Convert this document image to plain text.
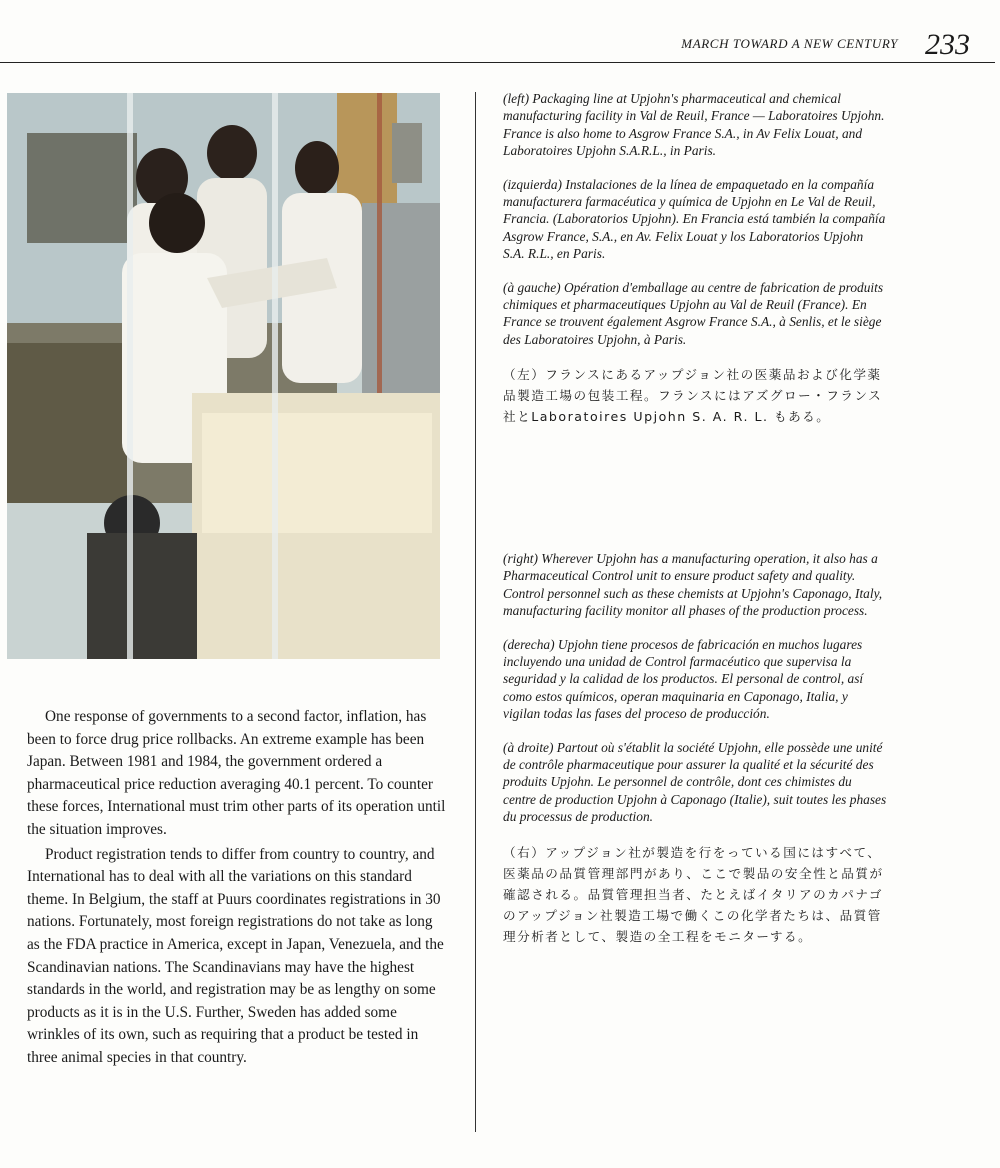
MARCH TOWARD A NEW CENTURY 233

One response of governments to a second factor, inflation, has been to force drug price rollbacks. An extreme example has been Japan. Between 1981 and 1984, the government ordered a pharmaceutical price reduction averaging 40.1 percent. To counter these forces, International must trim other parts of its operation until the situation improves.

Product registration tends to differ from country to country, and International has to deal with all the variations on this standard theme. In Belgium, the staff at Puurs coordinates registrations in 30 nations. Fortunately, most foreign registrations do not take as long as the FDA practice in America, except in Japan, Venezuela, and the Scandinavian nations. The Scandinavians may have the highest standards in the world, and registration may be as lengthy on some products as it is in the U.S. Further, Sweden has added some wrinkles of its own, such as requiring that a product be tested in three animal species in that country.

(left) Packaging line at Upjohn's pharmaceutical and chemical manufacturing facility in Val de Reuil, France — Laboratoires Upjohn. France is also home to Asgrow France S.A., in Av Felix Louat, and Laboratoires Upjohn S.A.R.L., in Paris.

(izquierda) Instalaciones de la línea de empaquetado en la compañía manufacturera farmacéutica y química de Upjohn en Le Val de Reuil, Francia. (Laboratorios Upjohn). En Francia está también la compañía Asgrow France, S.A., en Av. Felix Louat y los Laboratorios Upjohn S.A. R.L., en Paris.

(à gauche) Opération d'emballage au centre de fabrication de produits chimiques et pharmaceutiques Upjohn au Val de Reuil (France). En France se trouvent également Asgrow France S.A., à Senlis, et le siège des Laboratoires Upjohn, à Paris.

（左）フランスにあるアップジョン社の医薬品および化学薬品製造工場の包装工程。フランスにはアズグロー・フランス社とLaboratoires Upjohn S. A. R. L. もある。

(right) Wherever Upjohn has a manufacturing operation, it also has a Pharmaceutical Control unit to ensure product safety and quality. Control personnel such as these chemists at Upjohn's Caponago, Italy, manufacturing facility monitor all phases of the production process.

(derecha) Upjohn tiene procesos de fabricación en muchos lugares incluyendo una unidad de Control farmacéutico que supervisa la seguridad y la calidad de los productos. El personal de control, así como estos químicos, operan maquinaria en Caponago, Italia, y vigilan todas las fases del proceso de producción.

(à droite) Partout où s'établit la société Upjohn, elle possède une unité de contrôle pharmaceutique pour assurer la qualité et la sécurité des produits Upjohn. Le personnel de contrôle, dont ces chimistes du centre de production Upjohn à Caponago (Italie), suit toutes les phases du processus de production.

（右）アップジョン社が製造を行をっている国にはすべて、医薬品の品質管理部門があり、ここで製品の安全性と品質が確認される。品質管理担当者、たとえばイタリアのカパナゴのアップジョン社製造工場で働くこの化学者たちは、品質管理分析者として、製造の全工程をモニターする。
